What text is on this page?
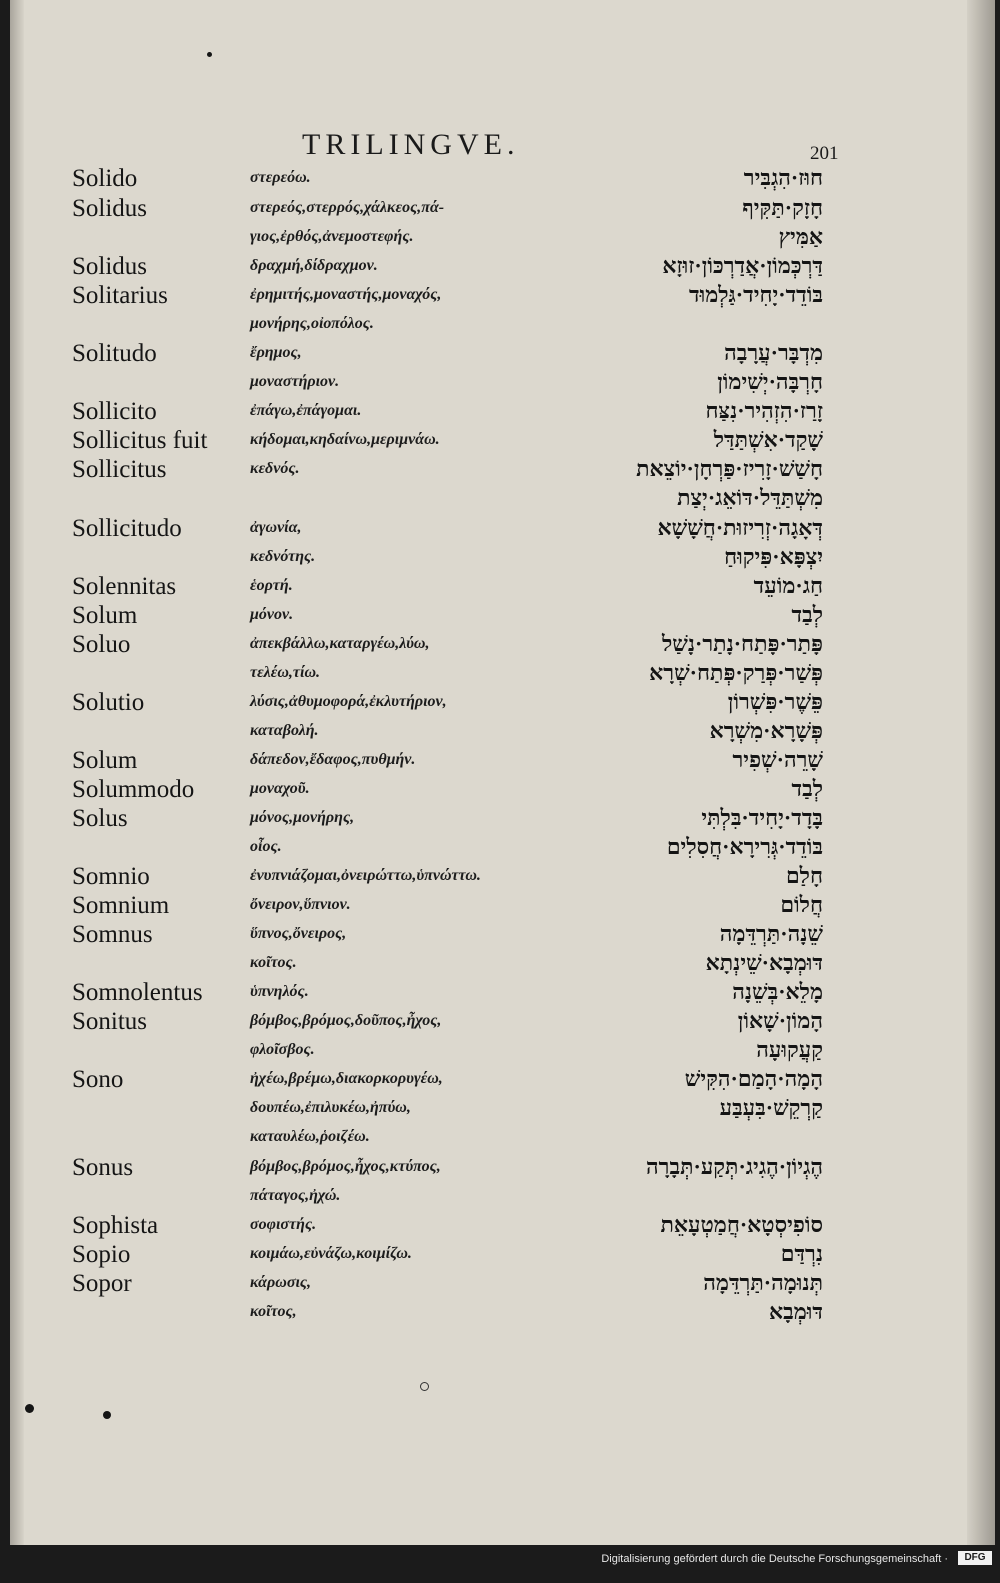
TRILINGVE.	201
Solido	στερεόω.	חוּז·הִגְבִּיר
Solidus	στερεός,στερρός,χάλκεος,πά-	חָזָק·תַּקִּיף
γιος,ἐρθός,ἀνεμοστεφής.	אַמִּיץ
Solidus	δραχμή,δίδραχμον.	דַּרְכְּמוֹן·אֲדַרְכּוֹן·זוּזָא
Solitarius	ἐρημιτής,μοναστής,μοναχός,	בּוֹדֵד·יָחִיד·גַּלְמוּד
μονήρης,οἰοπόλος.
Solitudo	ἔρημος,	מִדְבָּר·עֲרָבָה
μοναστήριον.	חָרְבָּה·יְשִׁימוֹן
Sollicito	ἐπάγω,ἐπάγομαι.	זָרַז·הִזְהִיר·נִצַּח
Sollicitus fuit	κήδομαι,κηδαίνω,μεριμνάω.	שָׁקַד·אִשְׁתַּדַּל
Sollicitus	κεδνός.	חָשַׁשׁ·זָרִיז·פַּרְחָן·יוֹצֵאת
מִשְׁתַּדֵּל·דּוֹאֵג·יְצַת
Sollicitudo	ἀγωνία,	דְּאָגָה·זְרִיזוּת·חֲשָׁשָׁא
κεδνότης.	יִצְפָּא·פִּיקוּחַ
Solennitas	ἑορτή.	חַג·מוֹעֵד
Solum	μόνον.	לְבַד
Soluo	ἀπεκβάλλω,καταργέω,λύω,	פָּתַר·פָּתַח·נָתַר·נָשַׁל
τελέω,τίω.	פְּשַׁר·פְּרַק·פְּתַח·שְׁרָא
Solutio	λύσις,ἀθυμοφορά,ἐκλυτήριον,	פֵּשֶׁר·פִּשְׁרוֹן
καταβολή.	פְּשָׁרָא·מִשְׁרָא
Solum	δάπεδον,ἔδαφος,πυθμήν.	שָׁרֵה·שְׁפִיר
Solummodo	μοναχοῦ.	לְבַד
Solus	μόνος,μονήρης,	בָּדָד·יָחִיד·בִּלְתִּי
οἶος.	בּוֹדֵד·גְּרִירָא·חֲסִלִים
Somnio	ἐνυπνιάζομαι,ὀνειρώττω,ὑπνώττω.	חָלַם
Somnium	ὄνειρον,ὕπνιον.	חֲלוֹם
Somnus	ὕπνος,ὄνειρος,	שֵׁנָה·תַּרְדֵּמָה
κοῖτος.	דּוּמְבָא·שֵׁינְתָא
Somnolentus	ὑπνηλός.	מָלֵא·בְּשֵׁנָה
Sonitus	βόμβος,βρόμος,δοῦπος,ἦχος,	הָמוֹן·שָׁאוֹן
φλοῖσβος.	קַעֲקוּעָה
Sono	ἠχέω,βρέμω,διακορκορυγέω,	הָמָה·הָמַם·הִקִּישׁ
δουπέω,ἐπιλυκέω,ἠπύω,	קַרְקֵשׁ·בִּעְבַּע
καταυλέω,ῥοιζέω.
Sonus	βόμβος,βρόμος,ἦχος,κτύπος,	הֶגְיוֹן·הֶגִיג·תְּקַע·תְּבָרָה
πάταγος,ἠχώ.
Sophista	σοφιστής.	סוֹפִיסְטָא·חֲמַטְעָאֵת
Sopio	κοιμάω,εὐνάζω,κοιμίζω.	נִרְדַּם
Sopor	κάρωσις,	תְּנוּמָה·תַּרְדֵּמָה
κοῖτος,	דּוּמְבָא
Digitalisierung gefördert durch die Deutsche Forschungsgemeinschaft ·	DFG
